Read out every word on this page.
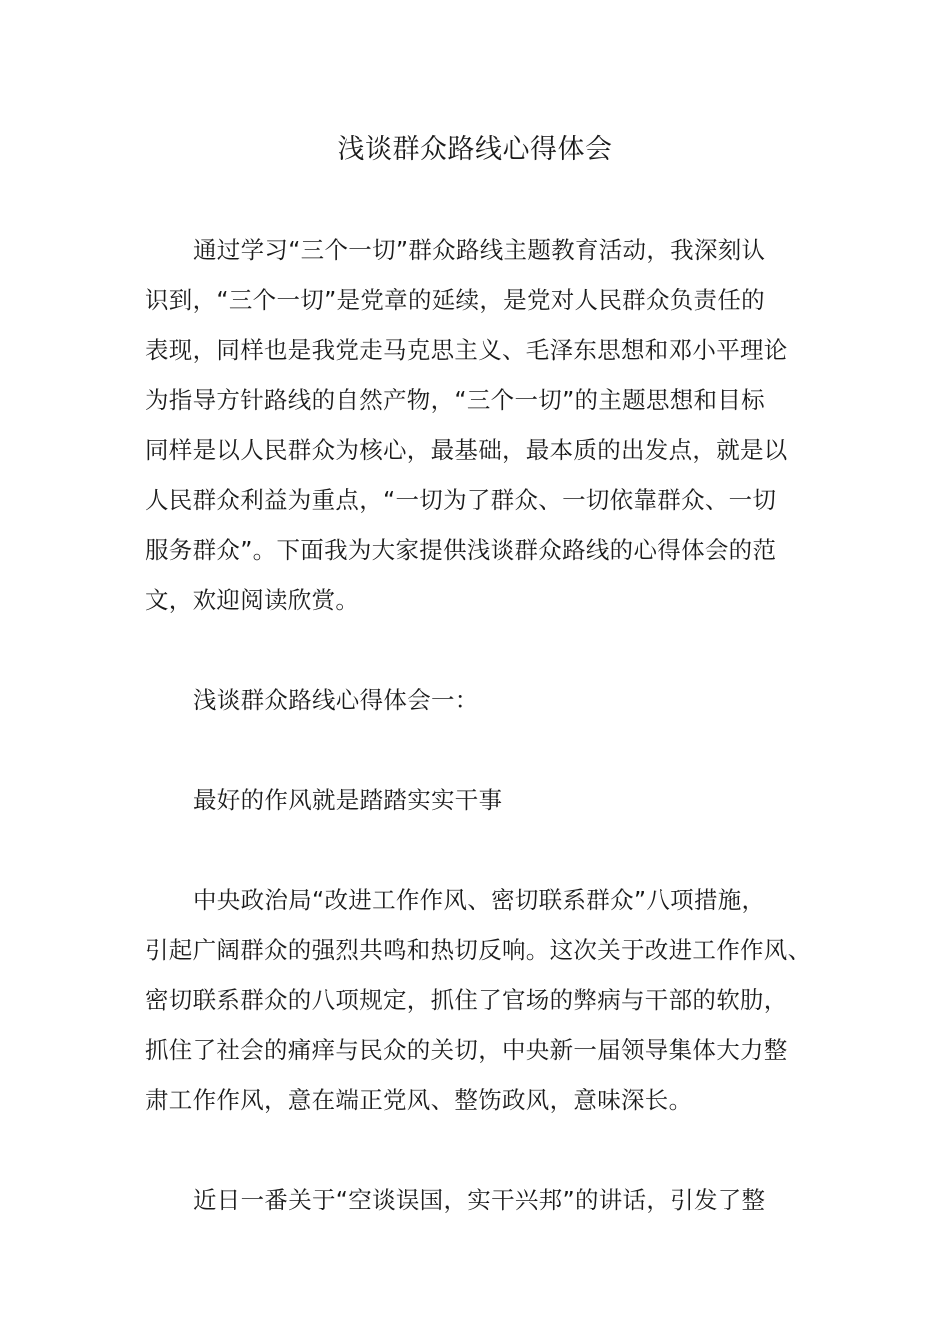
浅谈群众路线心得体会
通过学习“三个一切”群众路线主题教育活动，我深刻认
识到，“三个一切”是党章的延续，是党对人民群众负责任的
表现，同样也是我党走马克思主义、毛泽东思想和邓小平理论
为指导方针路线的自然产物，“三个一切”的主题思想和目标
同样是以人民群众为核心，最基础，最本质的出发点，就是以
人民群众利益为重点，“一切为了群众、一切依靠群众、一切
服务群众”。下面我为大家提供浅谈群众路线的心得体会的范
文，欢迎阅读欣赏。
浅谈群众路线心得体会一：
最好的作风就是踏踏实实干事
中央政治局“改进工作作风、密切联系群众”八项措施，
引起广阔群众的强烈共鸣和热切反响。这次关于改进工作作风、
密切联系群众的八项规定，抓住了官场的弊病与干部的软肋，
抓住了社会的痛痒与民众的关切，中央新一届领导集体大力整
肃工作作风，意在端正党风、整饬政风，意味深长。
近日一番关于“空谈误国，实干兴邦”的讲话，引发了整
